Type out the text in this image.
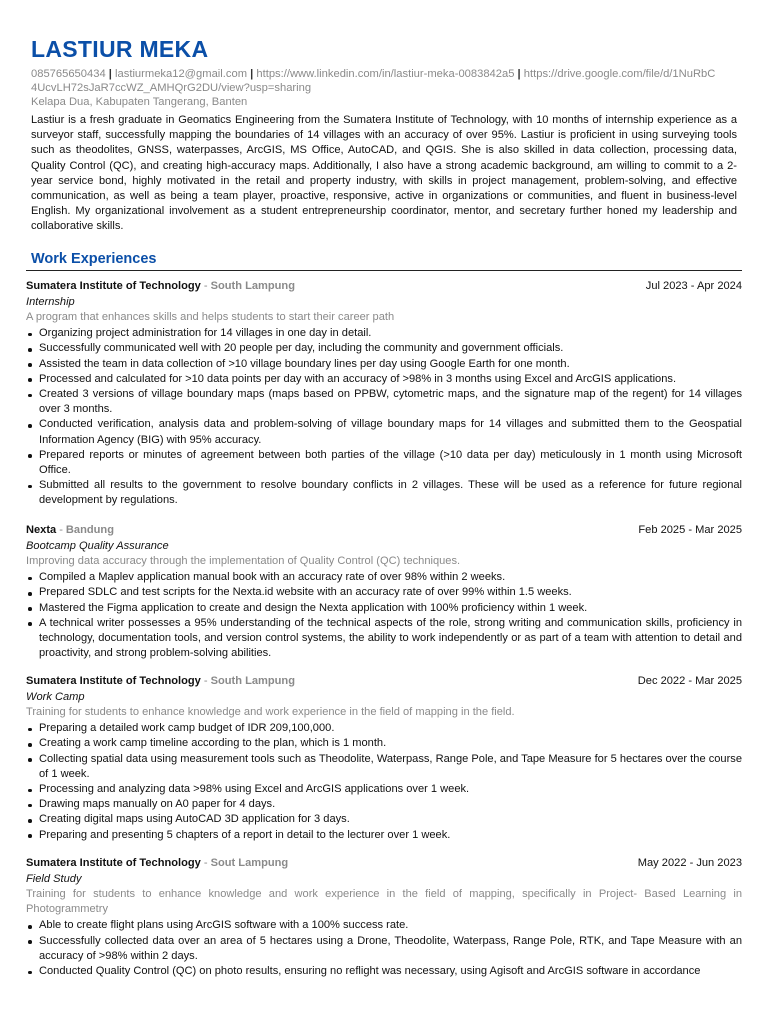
LASTIUR MEKA
085765650434 | lastiurmeka12@gmail.com | https://www.linkedin.com/in/lastiur-meka-0083842a5 | https://drive.google.com/file/d/1NuRbC4UcvLH72sJaR7ccWZ_AMHQrG2DU/view?usp=sharing
Kelapa Dua, Kabupaten Tangerang, Banten

Lastiur is a fresh graduate in Geomatics Engineering from the Sumatera Institute of Technology, with 10 months of internship experience as a surveyor staff, successfully mapping the boundaries of 14 villages with an accuracy of over 95%. Lastiur is proficient in using surveying tools such as theodolites, GNSS, waterpasses, ArcGIS, MS Office, AutoCAD, and QGIS. She is also skilled in data collection, processing data, Quality Control (QC), and creating high-accuracy maps. Additionally, I also have a strong academic background, am willing to commit to a 2-year service bond, highly motivated in the retail and property industry, with skills in project management, problem-solving, and effective communication, as well as being a team player, proactive, responsive, active in organizations or communities, and fluent in business-level English. My organizational involvement as a student entrepreneurship coordinator, mentor, and secretary further honed my leadership and collaborative skills.

Work Experiences
Sumatera Institute of Technology - South Lampung	Jul 2023 - Apr 2024
Internship
A program that enhances skills and helps students to start their career path
Organizing project administration for 14 villages in one day in detail.
Successfully communicated well with 20 people per day, including the community and government officials.
Assisted the team in data collection of >10 village boundary lines per day using Google Earth for one month.
Processed and calculated for >10 data points per day with an accuracy of >98% in 3 months using Excel and ArcGIS applications.
Created 3 versions of village boundary maps (maps based on PPBW, cytometric maps, and the signature map of the regent) for 14 villages over 3 months.
Conducted verification, analysis data and problem-solving of village boundary maps for 14 villages and submitted them to the Geospatial Information Agency (BIG) with 95% accuracy.
Prepared reports or minutes of agreement between both parties of the village (>10 data per day) meticulously in 1 month using Microsoft Office.
Submitted all results to the government to resolve boundary conflicts in 2 villages. These will be used as a reference for future regional development by regulations.
Nexta - Bandung	Feb 2025 - Mar 2025
Bootcamp Quality Assurance
Improving data accuracy through the implementation of Quality Control (QC) techniques.
Compiled a Maplev application manual book with an accuracy rate of over 98% within 2 weeks.
Prepared SDLC and test scripts for the Nexta.id website with an accuracy rate of over 99% within 1.5 weeks.
Mastered the Figma application to create and design the Nexta application with 100% proficiency within 1 week.
A technical writer possesses a 95% understanding of the technical aspects of the role, strong writing and communication skills, proficiency in technology, documentation tools, and version control systems, the ability to work independently or as part of a team with attention to detail and proactivity, and strong problem-solving abilities.
Sumatera Institute of Technology - South Lampung	Dec 2022 - Mar 2025
Work Camp
Training for students to enhance knowledge and work experience in the field of mapping in the field.
Preparing a detailed work camp budget of IDR 209,100,000.
Creating a work camp timeline according to the plan, which is 1 month.
Collecting spatial data using measurement tools such as Theodolite, Waterpass, Range Pole, and Tape Measure for 5 hectares over the course of 1 week.
Processing and analyzing data >98% using Excel and ArcGIS applications over 1 week.
Drawing maps manually on A0 paper for 4 days.
Creating digital maps using AutoCAD 3D application for 3 days.
Preparing and presenting 5 chapters of a report in detail to the lecturer over 1 week.
Sumatera Institute of Technology - Sout Lampung	May 2022 - Jun 2023
Field Study
Training for students to enhance knowledge and work experience in the field of mapping, specifically in Project- Based Learning in Photogrammetry
Able to create flight plans using ArcGIS software with a 100% success rate.
Successfully collected data over an area of 5 hectares using a Drone, Theodolite, Waterpass, Range Pole, RTK, and Tape Measure with an accuracy of >98% within 2 days.
Conducted Quality Control (QC) on photo results, ensuring no reflight was necessary, using Agisoft and ArcGIS software in accordance
